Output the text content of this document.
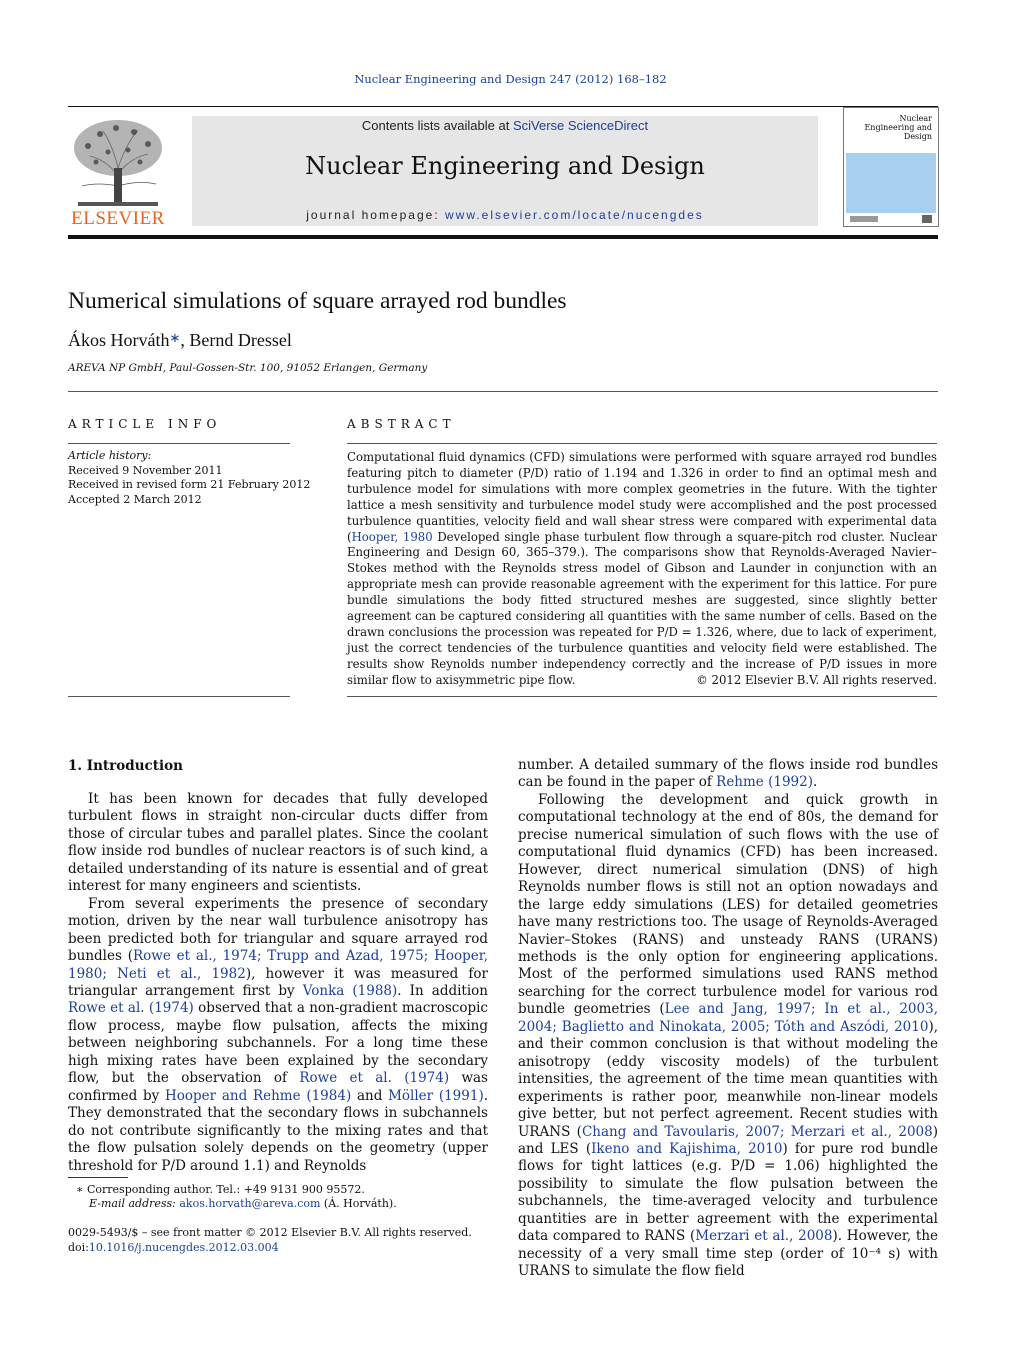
Nuclear Engineering and Design 247 (2012) 168–182
ELSEVIER
Contents lists available at SciVerse ScienceDirect
Nuclear Engineering and Design
journal homepage: www.elsevier.com/locate/nucengdes
Nuclear Engineering and Design
Numerical simulations of square arrayed rod bundles
Ákos Horváth∗, Bernd Dressel
AREVA NP GmbH, Paul-Gossen-Str. 100, 91052 Erlangen, Germany
ARTICLE INFO
Article history:
Received 9 November 2011
Received in revised form 21 February 2012
Accepted 2 March 2012
ABSTRACT
Computational fluid dynamics (CFD) simulations were performed with square arrayed rod bundles featuring pitch to diameter (P/D) ratio of 1.194 and 1.326 in order to find an optimal mesh and turbulence model for simulations with more complex geometries in the future. With the tighter lattice a mesh sensitivity and turbulence model study were accomplished and the post processed turbulence quantities, velocity field and wall shear stress were compared with experimental data (Hooper, 1980 Developed single phase turbulent flow through a square-pitch rod cluster. Nuclear Engineering and Design 60, 365–379.). The comparisons show that Reynolds-Averaged Navier–Stokes method with the Reynolds stress model of Gibson and Launder in conjunction with an appropriate mesh can provide reasonable agreement with the experiment for this lattice. For pure bundle simulations the body fitted structured meshes are suggested, since slightly better agreement can be captured considering all quantities with the same number of cells. Based on the drawn conclusions the procession was repeated for P/D = 1.326, where, due to lack of experiment, just the correct tendencies of the turbulence quantities and velocity field were established. The results show Reynolds number independency correctly and the increase of P/D issues in more similar flow to axisymmetric pipe flow.	© 2012 Elsevier B.V. All rights reserved.
1. Introduction

It has been known for decades that fully developed turbulent flows in straight non-circular ducts differ from those of circular tubes and parallel plates. Since the coolant flow inside rod bundles of nuclear reactors is of such kind, a detailed understanding of its nature is essential and of great interest for many engineers and scientists.

From several experiments the presence of secondary motion, driven by the near wall turbulence anisotropy has been predicted both for triangular and square arrayed rod bundles (Rowe et al., 1974; Trupp and Azad, 1975; Hooper, 1980; Neti et al., 1982), however it was measured for triangular arrangement first by Vonka (1988). In addition Rowe et al. (1974) observed that a non-gradient macroscopic flow process, maybe flow pulsation, affects the mixing between neighboring subchannels. For a long time these high mixing rates have been explained by the secondary flow, but the observation of Rowe et al. (1974) was confirmed by Hooper and Rehme (1984) and Möller (1991). They demonstrated that the secondary flows in subchannels do not contribute significantly to the mixing rates and that the flow pulsation solely depends on the geometry (upper threshold for P/D around 1.1) and Reynolds

number. A detailed summary of the flows inside rod bundles can be found in the paper of Rehme (1992).

Following the development and quick growth in computational technology at the end of 80s, the demand for precise numerical simulation of such flows with the use of computational fluid dynamics (CFD) has been increased. However, direct numerical simulation (DNS) of high Reynolds number flows is still not an option nowadays and the large eddy simulations (LES) for detailed geometries have many restrictions too. The usage of Reynolds-Averaged Navier–Stokes (RANS) and unsteady RANS (URANS) methods is the only option for engineering applications. Most of the performed simulations used RANS method searching for the correct turbulence model for various rod bundle geometries (Lee and Jang, 1997; In et al., 2003, 2004; Baglietto and Ninokata, 2005; Tóth and Aszódi, 2010), and their common conclusion is that without modeling the anisotropy (eddy viscosity models) of the turbulent intensities, the agreement of the time mean quantities with experiments is rather poor, meanwhile non-linear models give better, but not perfect agreement. Recent studies with URANS (Chang and Tavoularis, 2007; Merzari et al., 2008) and LES (Ikeno and Kajishima, 2010) for pure rod bundle flows for tight lattices (e.g. P/D = 1.06) highlighted the possibility to simulate the flow pulsation between the subchannels, the time-averaged velocity and turbulence quantities are in better agreement with the experimental data compared to RANS (Merzari et al., 2008). However, the necessity of a very small time step (order of 10⁻⁴ s) with URANS to simulate the flow field

∗ Corresponding author. Tel.: +49 9131 900 95572.
E-mail address: akos.horvath@areva.com (Á. Horváth).
0029-5493/$ – see front matter © 2012 Elsevier B.V. All rights reserved.
doi:10.1016/j.nucengdes.2012.03.004
